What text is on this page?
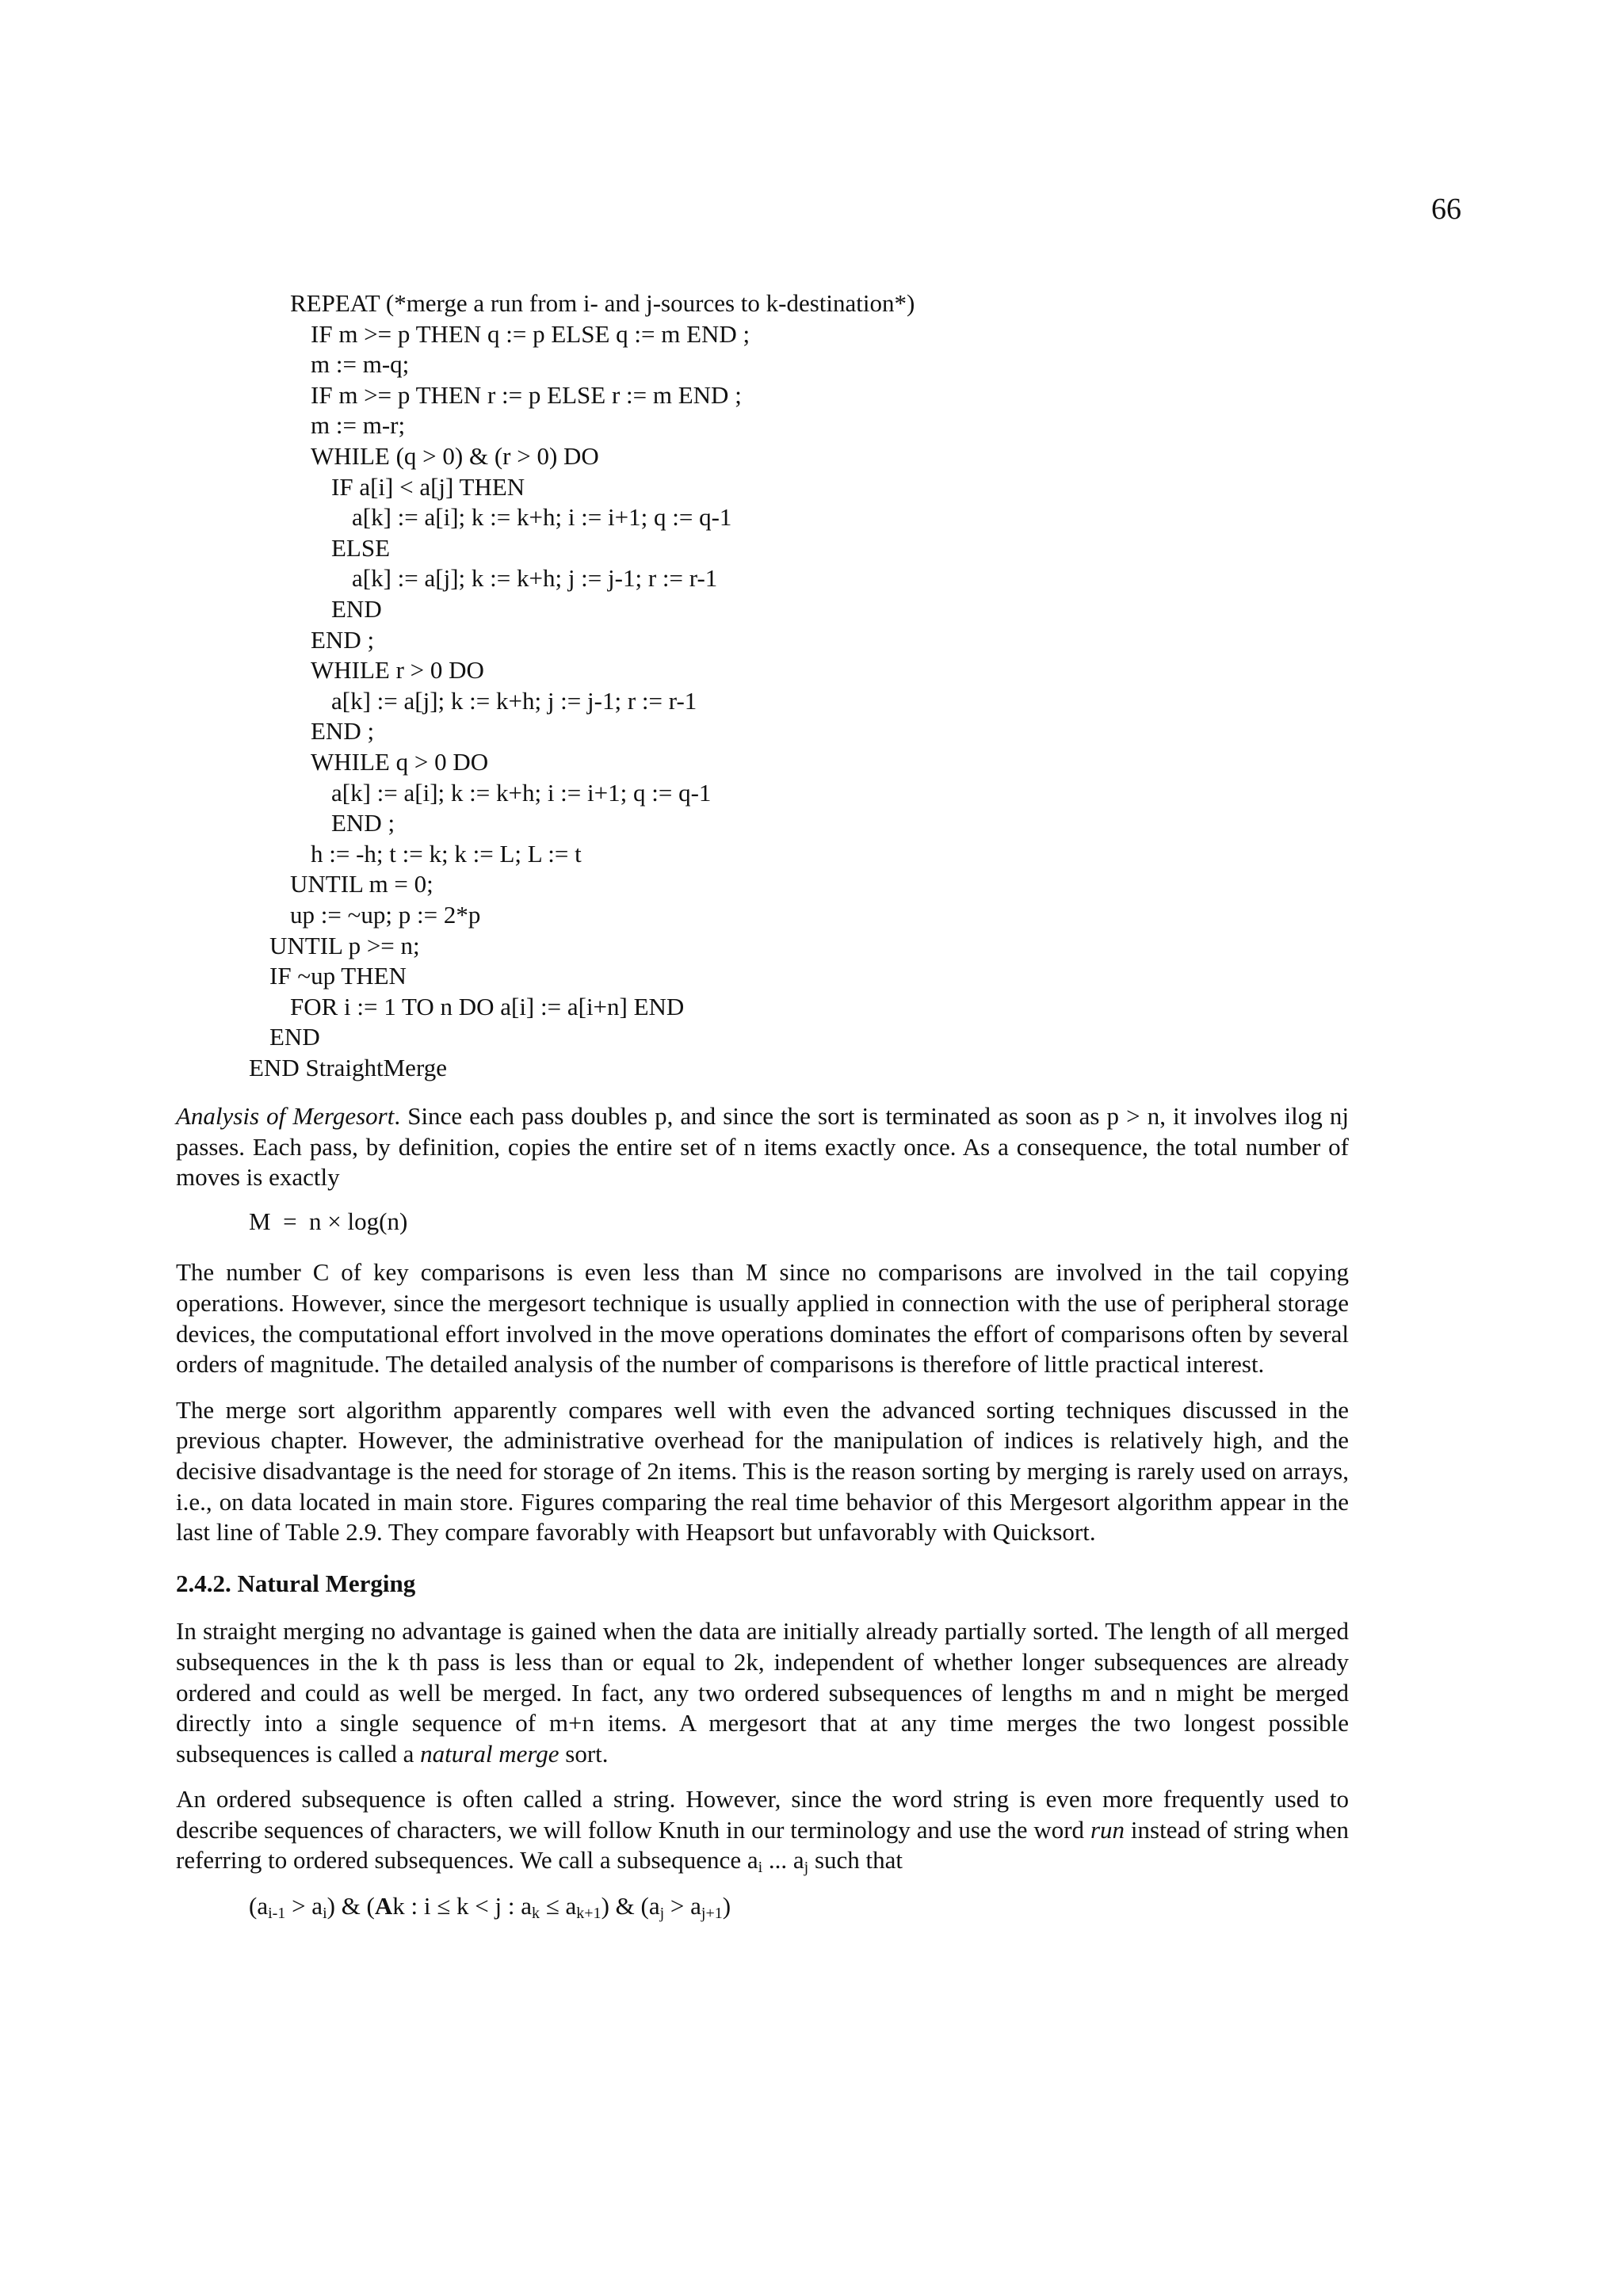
66
REPEAT (*merge a run from i- and j-sources to k-destination*)
IF m >= p THEN q := p ELSE q := m END ;
m := m-q;
IF m >= p THEN r := p ELSE r := m END ;
m := m-r;
WHILE (q > 0) & (r > 0) DO
IF a[i] < a[j] THEN
a[k] := a[i]; k := k+h; i := i+1; q := q-1
ELSE
a[k] := a[j]; k := k+h; j := j-1; r := r-1
END
END ;
WHILE r > 0 DO
a[k] := a[j]; k := k+h; j := j-1; r := r-1
END ;
WHILE q > 0 DO
a[k] := a[i]; k := k+h; i := i+1; q := q-1
END ;
h := -h; t := k; k := L; L := t
UNTIL m = 0;
up := ~up; p := 2*p
UNTIL p >= n;
IF ~up THEN
FOR i := 1 TO n DO a[i] := a[i+n] END
END
END StraightMerge

Analysis of Mergesort. Since each pass doubles p, and since the sort is terminated as soon as p > n, it involves ilog nj passes. Each pass, by definition, copies the entire set of n items exactly once. As a consequence, the total number of moves is exactly

M  =  n × log(n)

The number C of key comparisons is even less than M since no comparisons are involved in the tail copying operations. However, since the mergesort technique is usually applied in connection with the use of peripheral storage devices, the computational effort involved in the move operations dominates the effort of comparisons often by several orders of magnitude. The detailed analysis of the number of comparisons is therefore of little practical interest.

The merge sort algorithm apparently compares well with even the advanced sorting techniques discussed in the previous chapter. However, the administrative overhead for the manipulation of indices is relatively high, and the decisive disadvantage is the need for storage of 2n items. This is the reason sorting by merging is rarely used on arrays, i.e., on data located in main store. Figures comparing the real time behavior of this Mergesort algorithm appear in the last line of Table 2.9. They compare favorably with Heapsort but unfavorably with Quicksort.

2.4.2. Natural Merging

In straight merging no advantage is gained when the data are initially already partially sorted. The length of all merged subsequences in the k th pass is less than or equal to 2k, independent of whether longer subsequences are already ordered and could as well be merged. In fact, any two ordered subsequences of lengths m and n might be merged directly into a single sequence of m+n items. A mergesort that at any time merges the two longest possible subsequences is called a natural merge sort.

An ordered subsequence is often called a string. However, since the word string is even more frequently used to describe sequences of characters, we will follow Knuth in our terminology and use the word run instead of string when referring to ordered subsequences. We call a subsequence $a_i$ ... $a_j$ such that

$(a_{i-1} > a_i)$ & (Ak : i ≤ k < j : $a_k \le a_{k+1}$) & $(a_j > a_{j+1})$
